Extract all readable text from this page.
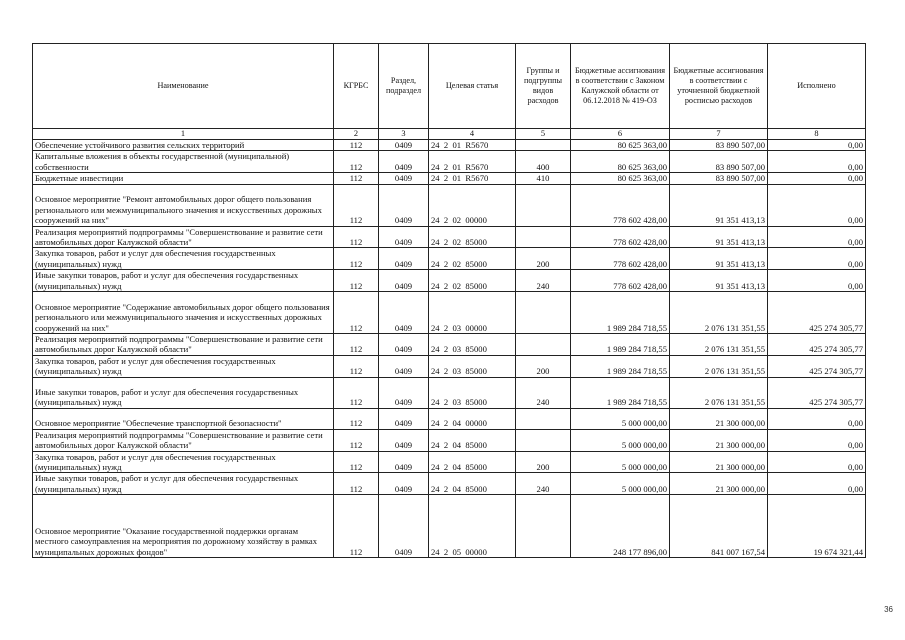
Наименование	КГРБС	Раздел, подраздел	Целевая статья	Группы и подгруппы видов расходов	Бюджетные ассигнования в соответствии с Законом Калужской области от 06.12.2018 № 419-ОЗ	Бюджетные ассигнования в соответствии с уточненной бюджетной росписью расходов	Исполнено
1	2	3	4	5	6	7	8
Обеспечение устойчивого развития сельских территорий	112	0409	24  2  01  R5670		80 625 363,00	83 890 507,00	0,00
Капитальные вложения в объекты государственной (муниципальной) собственности	112	0409	24  2  01  R5670	400	80 625 363,00	83 890 507,00	0,00
Бюджетные инвестиции	112	0409	24  2  01  R5670	410	80 625 363,00	83 890 507,00	0,00
Основное мероприятие "Ремонт автомобильных дорог общего пользования регионального или межмуниципального значения и искусственных дорожных сооружений на них"	112	0409	24  2  02  00000		778 602 428,00	91 351 413,13	0,00
Реализация мероприятий подпрограммы "Совершенствование и развитие сети автомобильных дорог Калужской области"	112	0409	24  2  02  85000		778 602 428,00	91 351 413,13	0,00
Закупка товаров, работ и услуг для обеспечения государственных (муниципальных) нужд	112	0409	24  2  02  85000	200	778 602 428,00	91 351 413,13	0,00
Иные закупки товаров, работ и услуг для обеспечения государственных (муниципальных) нужд	112	0409	24  2  02  85000	240	778 602 428,00	91 351 413,13	0,00
Основное мероприятие "Содержание автомобильных дорог общего пользования регионального или межмуниципального значения и искусственных дорожных сооружений на них"	112	0409	24  2  03  00000		1 989 284 718,55	2 076 131 351,55	425 274 305,77
Реализация мероприятий подпрограммы "Совершенствование и развитие сети автомобильных дорог Калужской области"	112	0409	24  2  03  85000		1 989 284 718,55	2 076 131 351,55	425 274 305,77
Закупка товаров, работ и услуг для обеспечения государственных (муниципальных) нужд	112	0409	24  2  03  85000	200	1 989 284 718,55	2 076 131 351,55	425 274 305,77
Иные закупки товаров, работ и услуг для обеспечения государственных (муниципальных) нужд	112	0409	24  2  03  85000	240	1 989 284 718,55	2 076 131 351,55	425 274 305,77
Основное мероприятие "Обеспечение транспортной безопасности"	112	0409	24  2  04  00000		5 000 000,00	21 300 000,00	0,00
Реализация мероприятий подпрограммы "Совершенствование и развитие сети автомобильных дорог Калужской области"	112	0409	24  2  04  85000		5 000 000,00	21 300 000,00	0,00
Закупка товаров, работ и услуг для обеспечения государственных (муниципальных) нужд	112	0409	24  2  04  85000	200	5 000 000,00	21 300 000,00	0,00
Иные закупки товаров, работ и услуг для обеспечения государственных (муниципальных) нужд	112	0409	24  2  04  85000	240	5 000 000,00	21 300 000,00	0,00
Основное мероприятие "Оказание государственной поддержки органам местного самоуправления на мероприятия по дорожному хозяйству в рамках муниципальных дорожных фондов"	112	0409	24  2  05  00000		248 177 896,00	841 007 167,54	19 674 321,44
36
